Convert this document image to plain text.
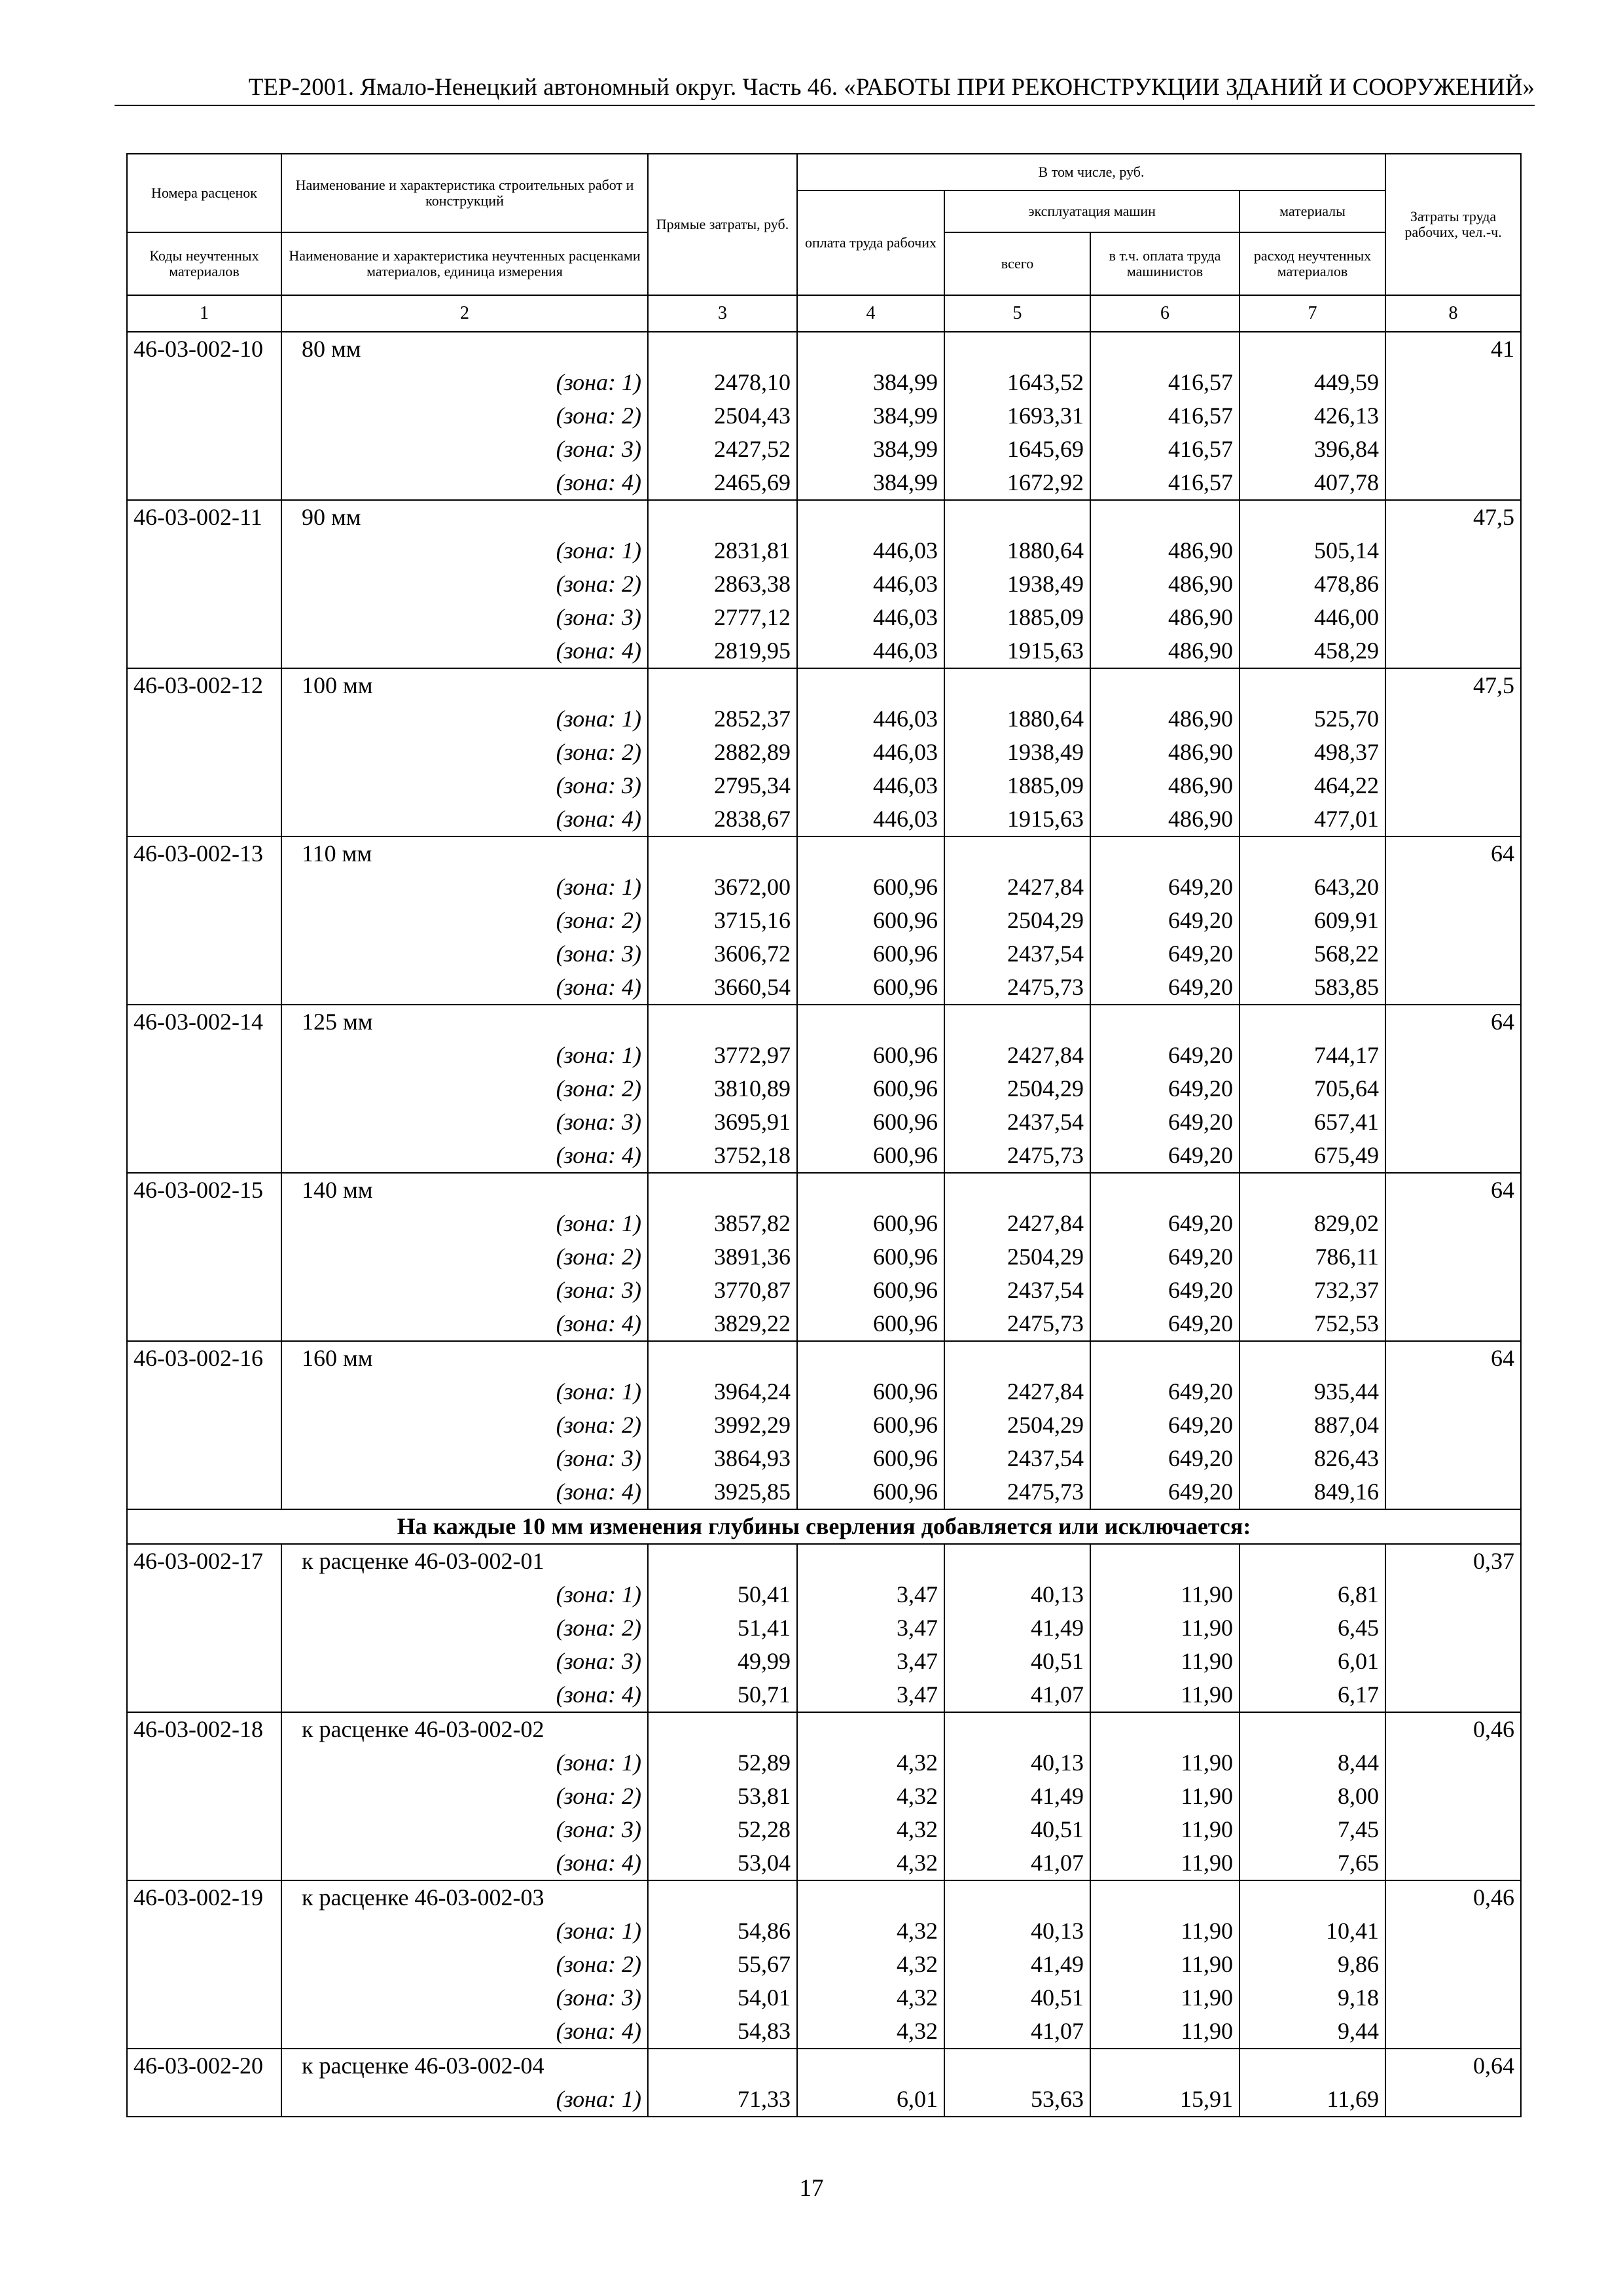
ТЕР-2001. Ямало-Ненецкий автономный округ. Часть 46. «РАБОТЫ ПРИ РЕКОНСТРУКЦИИ ЗДАНИЙ И СООРУЖЕНИЙ»
Номера расценок	Наименование и характеристика строительных работ и конструкций	Прямые затраты, руб.	В том числе, руб.				Затраты труда рабочих, чел.-ч.
			оплата труда рабочих	эксплуатация машин		материалы	
Коды неучтенных материалов	Наименование и характеристика неучтенных расценками материалов, единица измерения			всего	в т.ч. оплата труда машинистов	расход неучтенных материалов	
1	2	3	4	5	6	7	8
46-03-002-10	80 мм						41
	(зона: 1)	2478,10	384,99	1643,52	416,57	449,59	
	(зона: 2)	2504,43	384,99	1693,31	416,57	426,13	
	(зона: 3)	2427,52	384,99	1645,69	416,57	396,84	
	(зона: 4)	2465,69	384,99	1672,92	416,57	407,78	
46-03-002-11	90 мм						47,5
	(зона: 1)	2831,81	446,03	1880,64	486,90	505,14	
	(зона: 2)	2863,38	446,03	1938,49	486,90	478,86	
	(зона: 3)	2777,12	446,03	1885,09	486,90	446,00	
	(зона: 4)	2819,95	446,03	1915,63	486,90	458,29	
46-03-002-12	100 мм						47,5
	(зона: 1)	2852,37	446,03	1880,64	486,90	525,70	
	(зона: 2)	2882,89	446,03	1938,49	486,90	498,37	
	(зона: 3)	2795,34	446,03	1885,09	486,90	464,22	
	(зона: 4)	2838,67	446,03	1915,63	486,90	477,01	
46-03-002-13	110 мм						64
	(зона: 1)	3672,00	600,96	2427,84	649,20	643,20	
	(зона: 2)	3715,16	600,96	2504,29	649,20	609,91	
	(зона: 3)	3606,72	600,96	2437,54	649,20	568,22	
	(зона: 4)	3660,54	600,96	2475,73	649,20	583,85	
46-03-002-14	125 мм						64
	(зона: 1)	3772,97	600,96	2427,84	649,20	744,17	
	(зона: 2)	3810,89	600,96	2504,29	649,20	705,64	
	(зона: 3)	3695,91	600,96	2437,54	649,20	657,41	
	(зона: 4)	3752,18	600,96	2475,73	649,20	675,49	
46-03-002-15	140 мм						64
	(зона: 1)	3857,82	600,96	2427,84	649,20	829,02	
	(зона: 2)	3891,36	600,96	2504,29	649,20	786,11	
	(зона: 3)	3770,87	600,96	2437,54	649,20	732,37	
	(зона: 4)	3829,22	600,96	2475,73	649,20	752,53	
46-03-002-16	160 мм						64
	(зона: 1)	3964,24	600,96	2427,84	649,20	935,44	
	(зона: 2)	3992,29	600,96	2504,29	649,20	887,04	
	(зона: 3)	3864,93	600,96	2437,54	649,20	826,43	
	(зона: 4)	3925,85	600,96	2475,73	649,20	849,16	
На каждые 10 мм изменения глубины сверления добавляется или исключается:							
46-03-002-17	к расценке 46-03-002-01						0,37
	(зона: 1)	50,41	3,47	40,13	11,90	6,81	
	(зона: 2)	51,41	3,47	41,49	11,90	6,45	
	(зона: 3)	49,99	3,47	40,51	11,90	6,01	
	(зона: 4)	50,71	3,47	41,07	11,90	6,17	
46-03-002-18	к расценке 46-03-002-02						0,46
	(зона: 1)	52,89	4,32	40,13	11,90	8,44	
	(зона: 2)	53,81	4,32	41,49	11,90	8,00	
	(зона: 3)	52,28	4,32	40,51	11,90	7,45	
	(зона: 4)	53,04	4,32	41,07	11,90	7,65	
46-03-002-19	к расценке 46-03-002-03						0,46
	(зона: 1)	54,86	4,32	40,13	11,90	10,41	
	(зона: 2)	55,67	4,32	41,49	11,90	9,86	
	(зона: 3)	54,01	4,32	40,51	11,90	9,18	
	(зона: 4)	54,83	4,32	41,07	11,90	9,44	
46-03-002-20	к расценке 46-03-002-04						0,64
	(зона: 1)	71,33	6,01	53,63	15,91	11,69	
17
